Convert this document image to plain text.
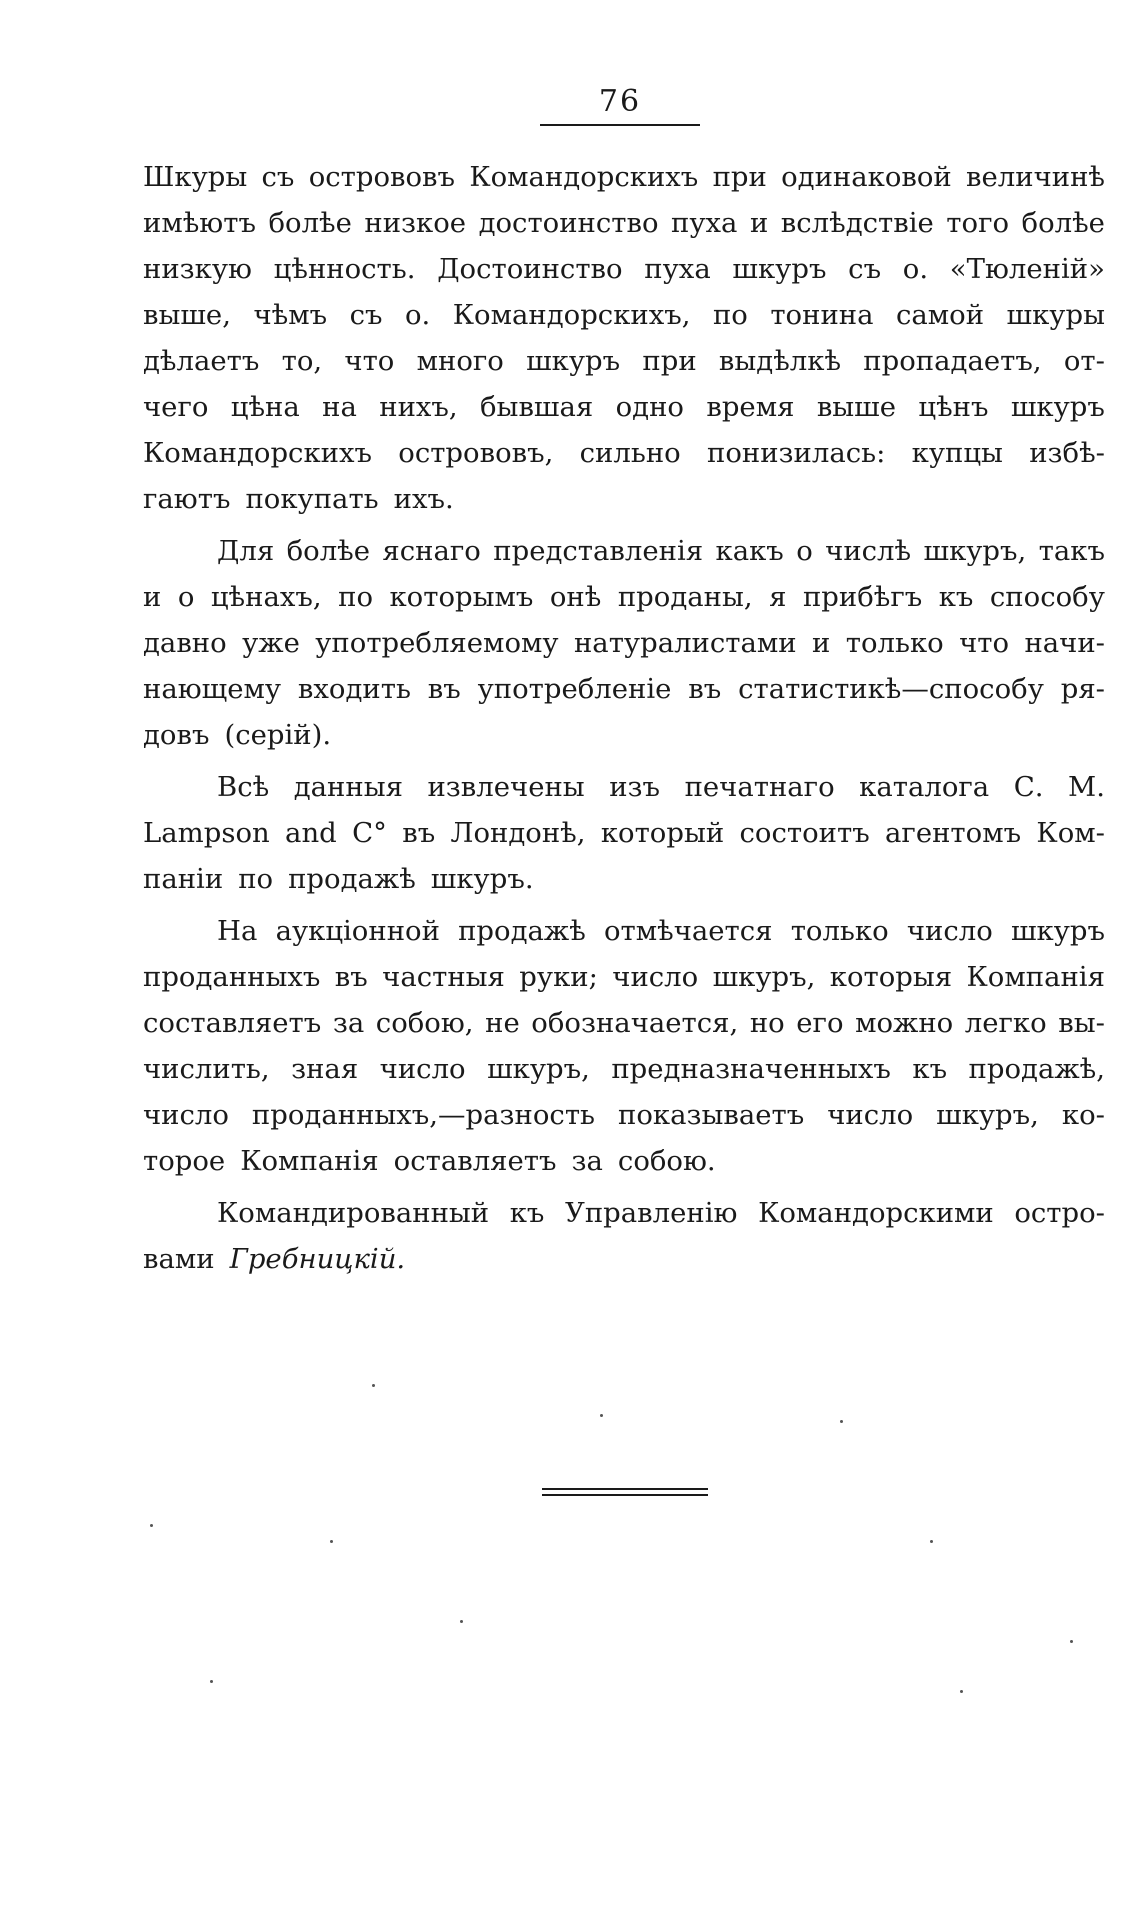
76
Шкуры съ острововъ Командорскихъ при одинаковой величинѣ
имѣютъ болѣе низкое достоинство пуха и вслѣдствіе того болѣе
низкую цѣнность. Достоинство пуха шкуръ съ о. «Тюленій»
выше, чѣмъ съ о. Командорскихъ, по тонина самой шкуры
дѣлаетъ то, что много шкуръ при выдѣлкѣ пропадаетъ, от-
чего цѣна на нихъ, бывшая одно время выше цѣнъ шкуръ
Командорскихъ острововъ, сильно понизилась: купцы избѣ-
гаютъ покупать ихъ.
Для болѣе яснаго представленія какъ о числѣ шкуръ, такъ
и о цѣнахъ, по которымъ онѣ проданы, я прибѣгъ къ способу
давно уже употребляемому натуралистами и только что начи-
нающему входить въ употребленіе въ статистикѣ—способу ря-
довъ (серій).
Всѣ данныя извлечены изъ печатнаго каталога С. М.
Lampson and C° въ Лондонѣ, который состоитъ агентомъ Ком-
паніи по продажѣ шкуръ.
На аукціонной продажѣ отмѣчается только число шкуръ
проданныхъ въ частныя руки; число шкуръ, которыя Компанія
составляетъ за собою, не обозначается, но его можно легко вы-
числить, зная число шкуръ, предназначенныхъ къ продажѣ,
число проданныхъ,—разность показываетъ число шкуръ, ко-
торое Компанія оставляетъ за собою.
Командированный къ Управленію Командорскими остро-
вами Гребницкій.
